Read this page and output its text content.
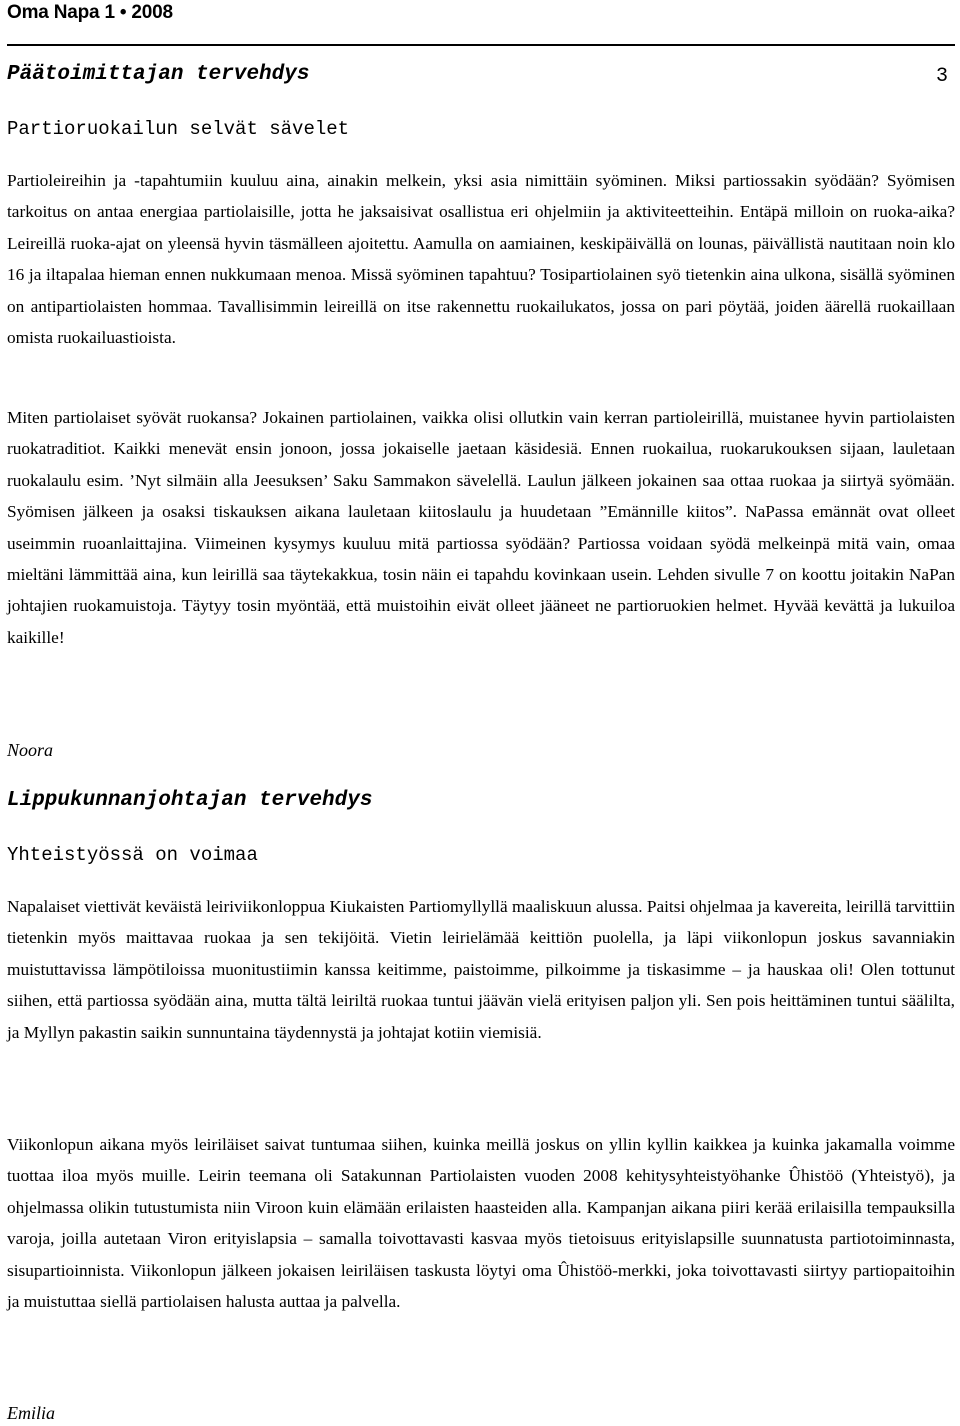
Oma Napa 1 • 2008
Päätoimittajan tervehdys	3
Partioruokailun selvät sävelet

Partioleireihin ja -tapahtumiin kuuluu aina, ainakin melkein, yksi asia nimittäin syöminen. Miksi partiossakin syödään? Syömisen tarkoitus on antaa energiaa partiolaisille, jotta he jaksaisivat osallistua eri ohjelmiin ja aktiviteetteihin. Entäpä milloin on ruoka-aika? Leireillä ruoka-ajat on yleensä hyvin täsmälleen ajoitettu. Aamulla on aamiainen, keskipäivällä on lounas, päivällistä nautitaan noin klo 16 ja iltapalaa hieman ennen nukkumaan menoa. Missä syöminen tapahtuu? Tosipartiolainen syö tietenkin aina ulkona, sisällä syöminen on antipartiolaisten hommaa. Tavallisimmin leireillä on itse rakennettu ruokailukatos, jossa on pari pöytää, joiden äärellä ruokaillaan omista ruokailuastioista.

Miten partiolaiset syövät ruokansa? Jokainen partiolainen, vaikka olisi ollutkin vain kerran partioleirillä, muistanee hyvin partiolaisten ruokatraditiot. Kaikki menevät ensin jonoon, jossa jokaiselle jaetaan käsidesiä. Ennen ruokailua, ruokarukouksen sijaan, lauletaan ruokalaulu esim. ’Nyt silmäin alla Jeesuksen’ Saku Sammakon sävelellä. Laulun jälkeen jokainen saa ottaa ruokaa ja siirtyä syömään. Syömisen jälkeen ja osaksi tiskauksen aikana lauletaan kiitoslaulu ja huudetaan ”Emännille kiitos”. NaPassa emännät ovat olleet useimmin ruoanlaittajina. Viimeinen kysymys kuuluu mitä partiossa syödään? Partiossa voidaan syödä melkeinpä mitä vain, omaa mieltäni lämmittää aina, kun leirillä saa täytekakkua, tosin näin ei tapahdu kovinkaan usein. Lehden sivulle 7 on koottu joitakin NaPan johtajien ruokamuistoja. Täytyy tosin myöntää, että muistoihin eivät olleet jääneet ne partioruokien helmet. Hyvää kevättä ja lukuiloa kaikille!

Noora
Lippukunnanjohtajan tervehdys
Yhteistyössä on voimaa

Napalaiset viettivät keväistä leiriviikonloppua Kiukaisten Partiomyllyllä maaliskuun alussa. Paitsi ohjelmaa ja kavereita, leirillä tarvittiin tietenkin myös maittavaa ruokaa ja sen tekijöitä. Vietin leirielämää keittiön puolella, ja läpi viikonlopun joskus savanniakin muistuttavissa lämpötiloissa muonitustiimin kanssa keitimme, paistoimme, pilkoimme ja tiskasimme – ja hauskaa oli! Olen tottunut siihen, että partiossa syödään aina, mutta tältä leiriltä ruokaa tuntui jäävän vielä erityisen paljon yli. Sen pois heittäminen tuntui säälilta, ja Myllyn pakastin saikin sunnuntaina täydennystä ja johtajat kotiin viemisiä.

Viikonlopun aikana myös leiriläiset saivat tuntumaa siihen, kuinka meillä joskus on yllin kyllin kaikkea ja kuinka jakamalla voimme tuottaa iloa myös muille. Leirin teemana oli Satakunnan Partiolaisten vuoden 2008 kehitysyhteistyöhanke Ûhistöö (Yhteistyö), ja ohjelmassa olikin tutustumista niin Viroon kuin elämään erilaisten haasteiden alla. Kampanjan aikana piiri kerää erilaisilla tempauksilla varoja, joilla autetaan Viron erityislapsia – samalla toivottavasti kasvaa myös tietoisuus erityislapsille suunnatusta partiotoiminnasta, sisupartioinnista. Viikonlopun jälkeen jokaisen leiriläisen taskusta löytyi oma Ûhistöö-merkki, joka toivottavasti siirtyy partiopaitoihin ja muistuttaa siellä partiolaisen halusta auttaa ja palvella.

Emilia
